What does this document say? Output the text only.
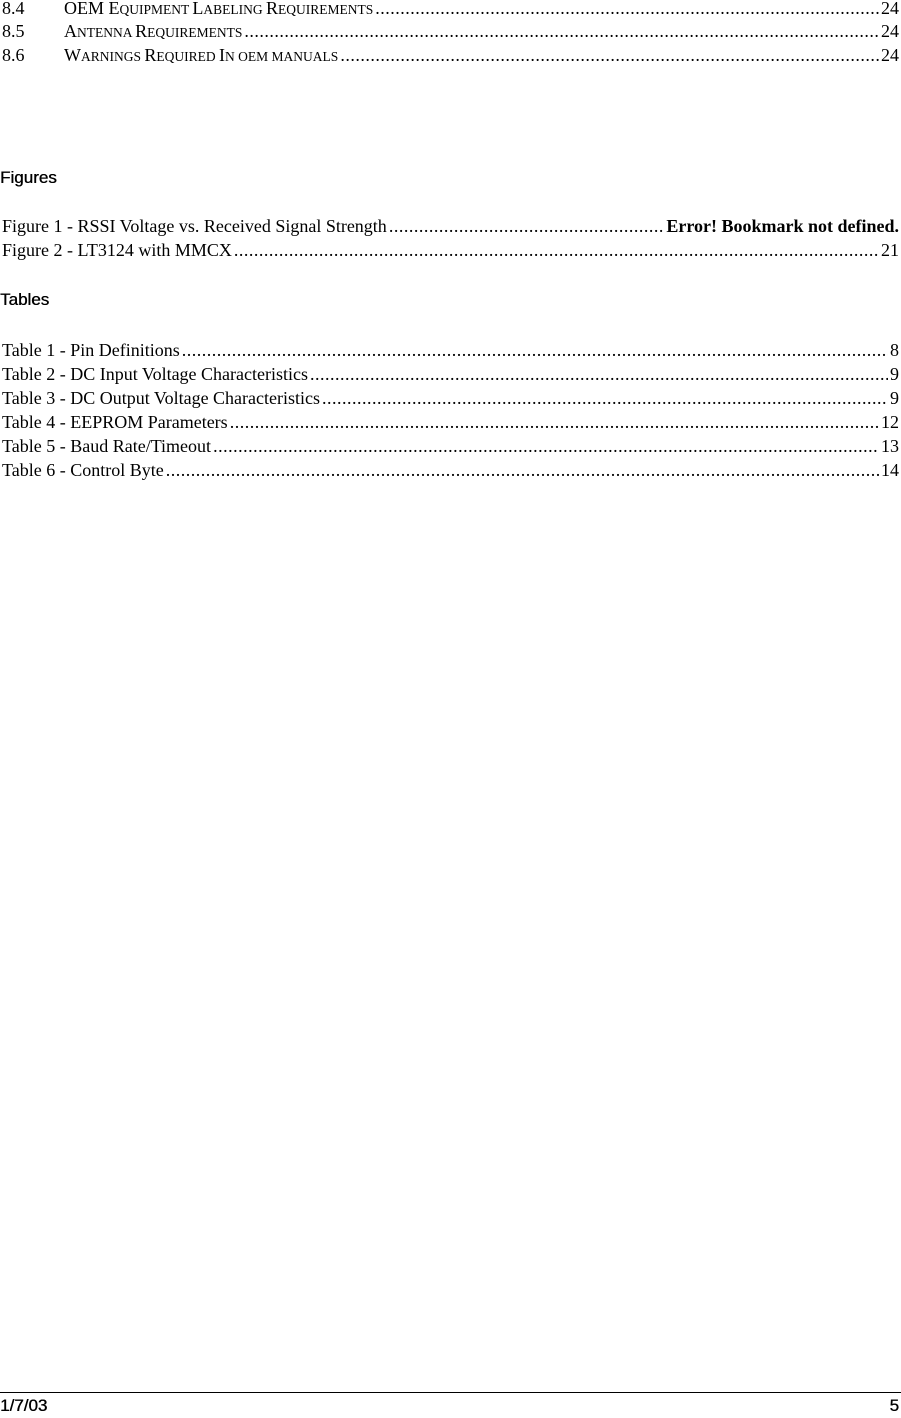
8.4	OEM EQUIPMENT LABELING REQUIREMENTS .....	24
8.5	ANTENNA REQUIREMENTS .....	24
8.6	WARNINGS REQUIRED IN OEM MANUALS .....	24
Figures
Figure 1 - RSSI Voltage vs. Received Signal Strength .....	Error! Bookmark not defined.
Figure 2 - LT3124 with MMCX .....	21
Tables
Table 1 - Pin Definitions .....	8
Table 2 - DC Input Voltage Characteristics .....	9
Table 3 - DC Output Voltage Characteristics .....	9
Table 4 - EEPROM Parameters .....	12
Table 5 - Baud Rate/Timeout .....	13
Table 6 - Control Byte .....	14
1/7/03	5
